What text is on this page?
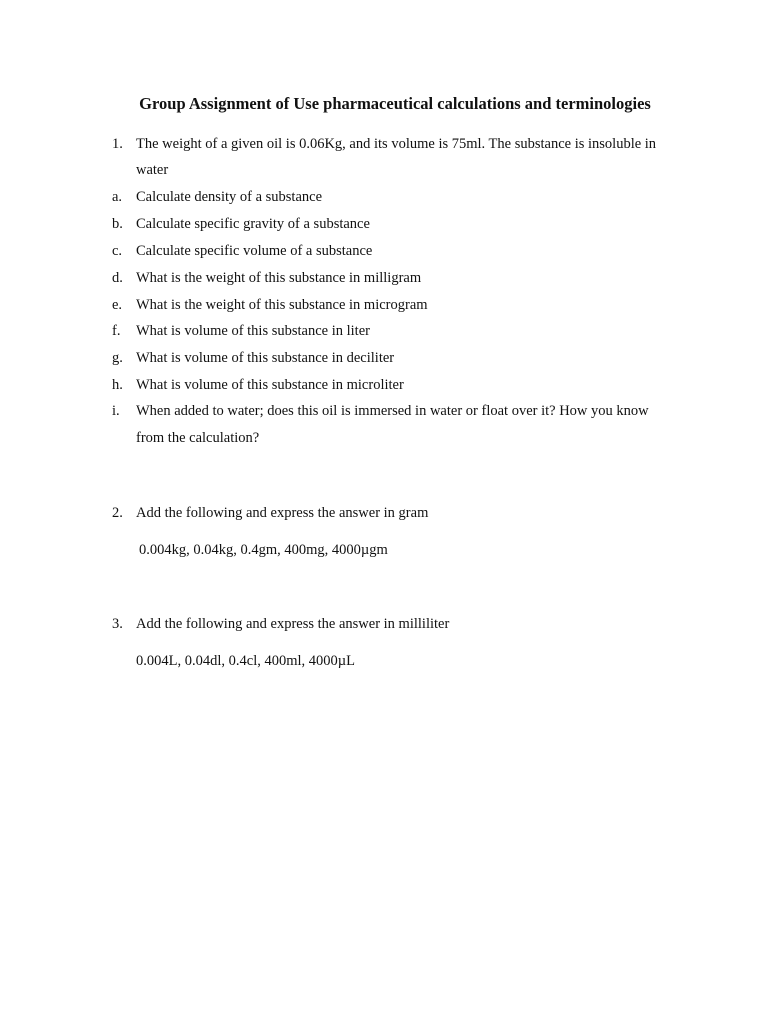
Group Assignment of Use pharmaceutical calculations and terminologies
1. The weight of a given oil is 0.06Kg, and its volume is 75ml. The substance is insoluble in
water
a. Calculate density of a substance
b. Calculate specific gravity of a substance
c. Calculate specific volume of a substance
d. What is the weight of this substance in milligram
e. What is the weight of this substance in microgram
f. What is volume of this substance in liter
g. What is volume of this substance in deciliter
h. What is volume of this substance in microliter
i. When added to water; does this oil is immersed in water or float over it? How you know
from the calculation?
2. Add the following and express the answer in gram
0.004kg, 0.04kg, 0.4gm, 400mg, 4000µgm
3. Add the following and express the answer in milliliter
0.004L, 0.04dl, 0.4cl, 400ml, 4000µL
